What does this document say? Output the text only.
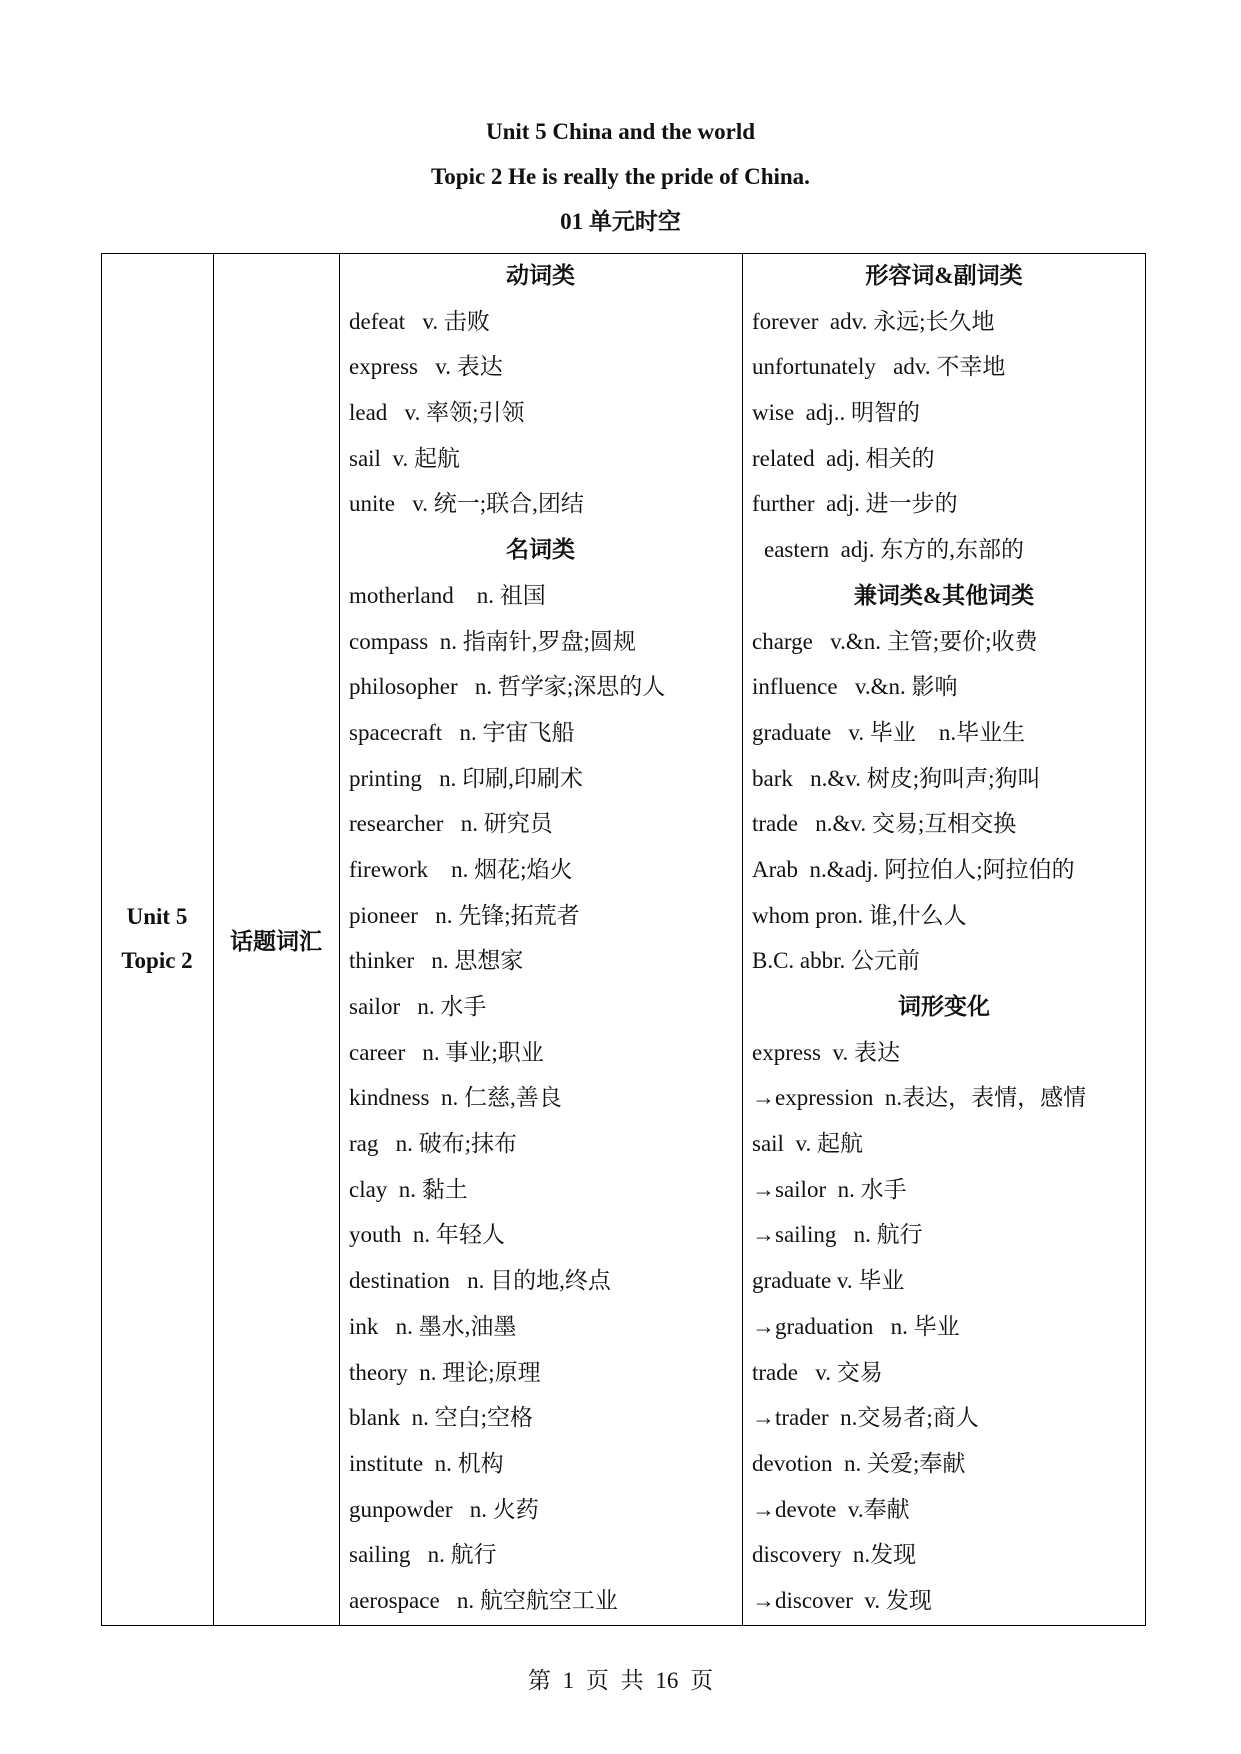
Unit 5 China and the world
Topic 2 He is really the pride of China.
01 单元时空
Unit 5
Topic 2
话题词汇
动词类
defeat   v. 击败
express   v. 表达
lead   v. 率领;引领
sail  v. 起航
unite   v. 统一;联合,团结
名词类
motherland    n. 祖国
compass  n. 指南针,罗盘;圆规
philosopher   n. 哲学家;深思的人
spacecraft   n. 宇宙飞船
printing   n. 印刷,印刷术
researcher   n. 研究员
firework    n. 烟花;焰火
pioneer   n. 先锋;拓荒者
thinker   n. 思想家
sailor   n. 水手
career   n. 事业;职业
kindness  n. 仁慈,善良
rag   n. 破布;抹布
clay  n. 黏土
youth  n. 年轻人
destination   n. 目的地,终点
ink   n. 墨水,油墨
theory  n. 理论;原理
blank  n. 空白;空格
institute  n. 机构
gunpowder   n. 火药
sailing   n. 航行
aerospace   n. 航空航空工业
形容词&副词类
forever  adv. 永远;长久地
unfortunately   adv. 不幸地
wise  adj.. 明智的
related  adj. 相关的
further  adj. 进一步的
eastern  adj. 东方的,东部的
兼词类&其他词类
charge   v.&n. 主管;要价;收费
influence   v.&n. 影响
graduate   v. 毕业    n.毕业生
bark   n.&v. 树皮;狗叫声;狗叫
trade   n.&v. 交易;互相交换
Arab  n.&adj. 阿拉伯人;阿拉伯的
whom pron. 谁,什么人
B.C. abbr. 公元前
词形变化
express  v. 表达
→expression  n.表达，表情，感情
sail  v. 起航
→sailor  n. 水手
→sailing   n. 航行
graduate v. 毕业
→graduation   n. 毕业
trade   v. 交易
→trader  n.交易者;商人
devotion  n. 关爱;奉献
→devote  v.奉献
discovery  n.发现
→discover  v. 发现
第 1 页 共 16 页
